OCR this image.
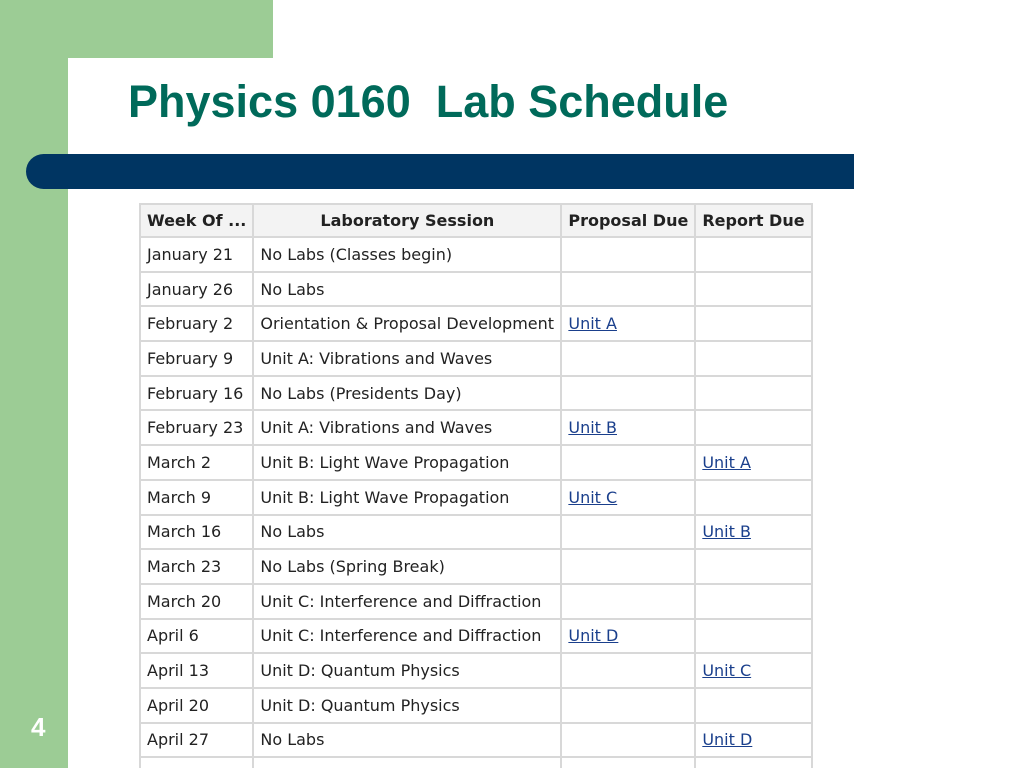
Physics 0160  Lab Schedule
Week Of ...	Laboratory Session	Proposal Due	Report Due
January 21	No Labs (Classes begin)		
January 26	No Labs		
February 2	Orientation & Proposal Development	Unit A	
February 9	Unit A: Vibrations and Waves		
February 16	No Labs (Presidents Day)		
February 23	Unit A: Vibrations and Waves	Unit B	
March 2	Unit B: Light Wave Propagation		Unit A
March 9	Unit B: Light Wave Propagation	Unit C	
March 16	No Labs		Unit B
March 23	No Labs (Spring Break)		
March 20	Unit C: Interference and Diffraction		
April 6	Unit C: Interference and Diffraction	Unit D	
April 13	Unit D: Quantum Physics		Unit C
April 20	Unit D: Quantum Physics		
April 27	No Labs		Unit D

4
